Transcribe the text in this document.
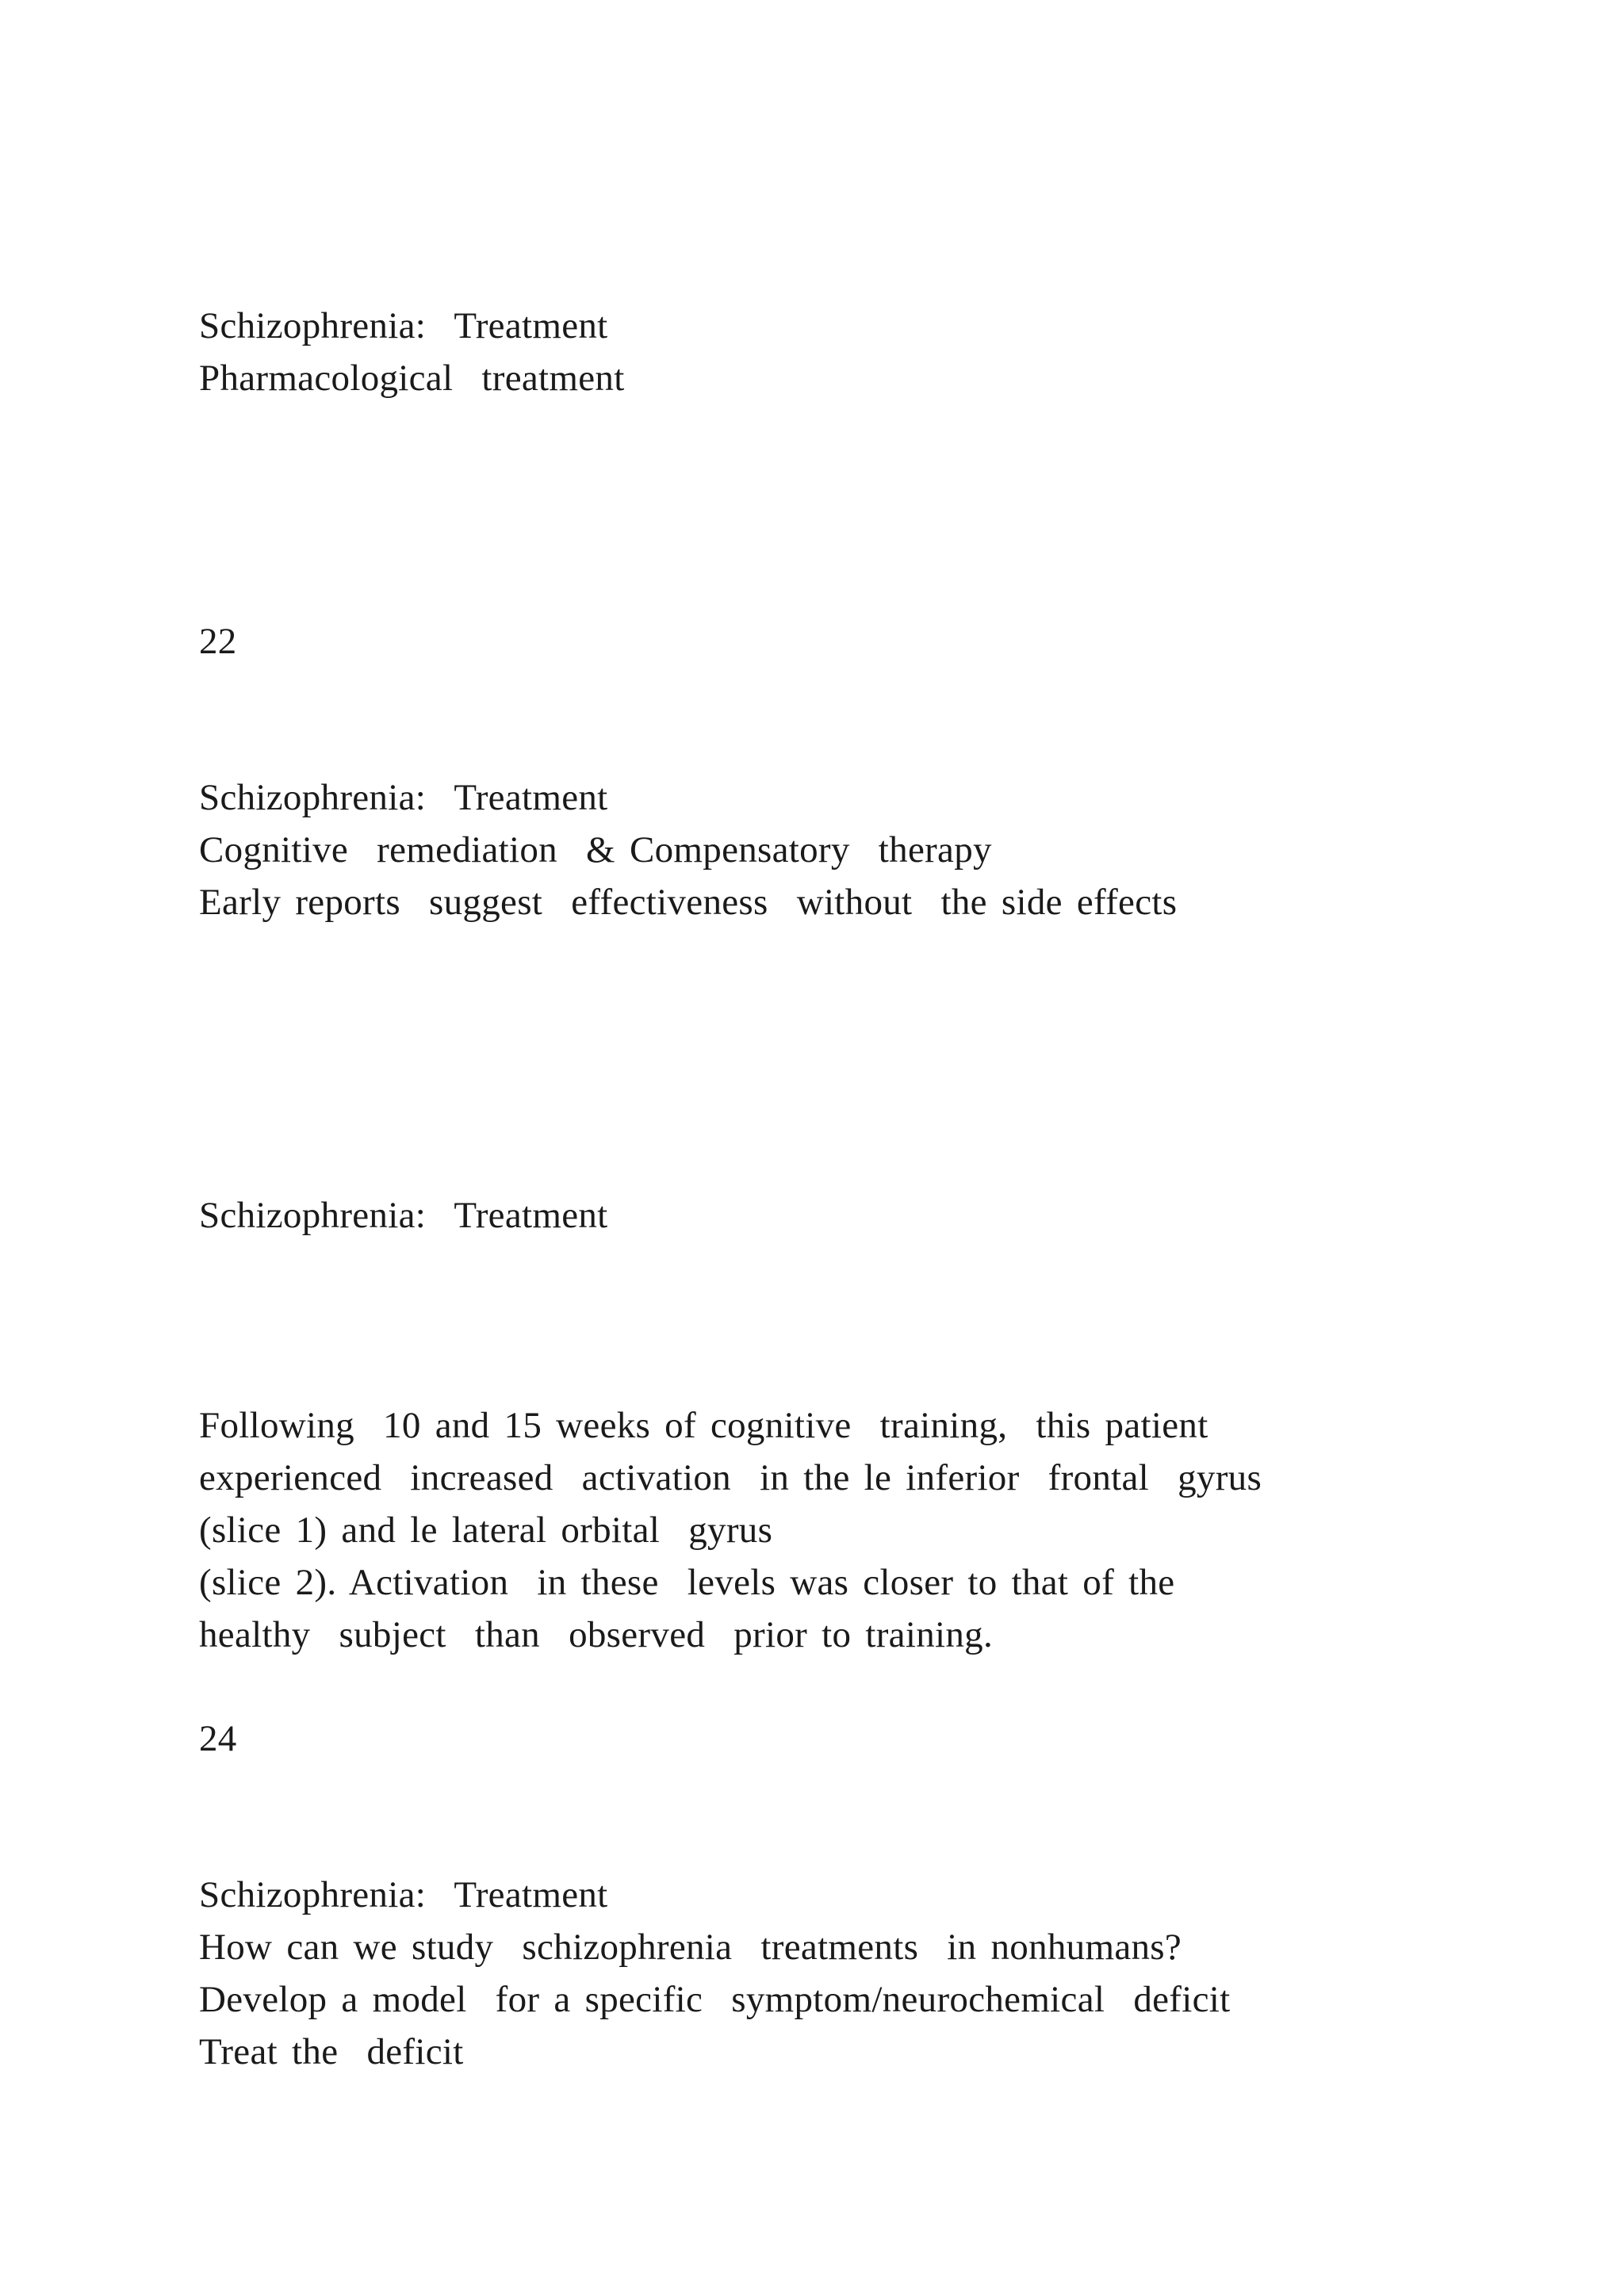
Schizophrenia:  Treatment
Pharmacological  treatment
22
Schizophrenia:  Treatment
Cognitive  remediation  & Compensatory  therapy
Early reports  suggest  effectiveness  without  the side effects
Schizophrenia:  Treatment
Following  10 and 15 weeks of cognitive  training,  this patient
experienced  increased  activation  in the le inferior  frontal  gyrus
(slice 1) and le lateral orbital  gyrus
(slice 2). Activation  in these  levels was closer to that of the
healthy  subject  than  observed  prior to training.
24
Schizophrenia:  Treatment
How can we study  schizophrenia  treatments  in nonhumans?
Develop a model  for a specific  symptom/neurochemical  deficit
Treat the  deficit
